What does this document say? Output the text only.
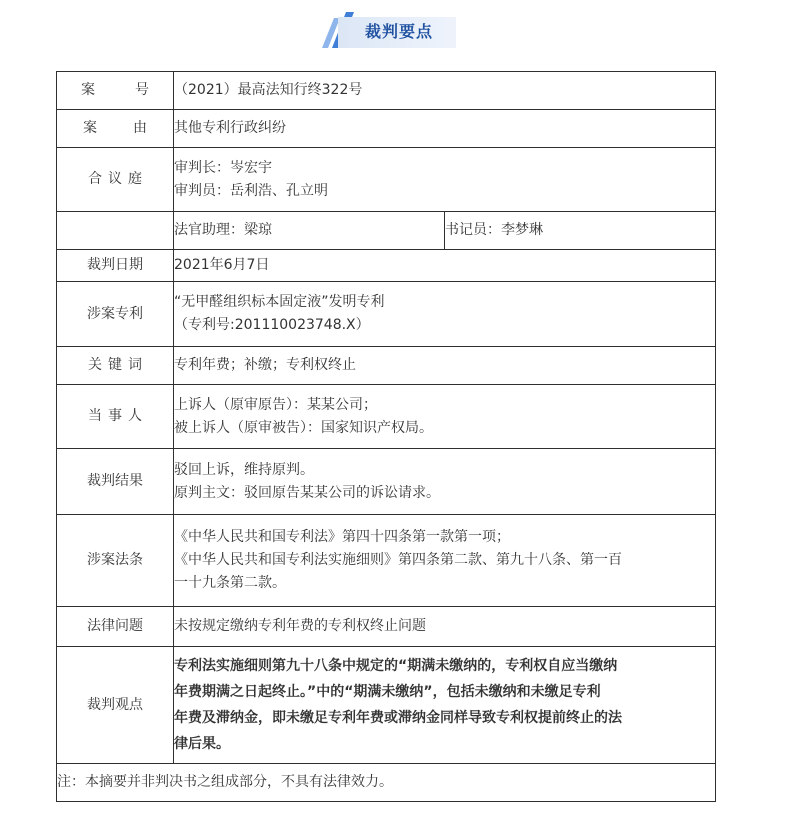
裁判要点
案号	（2021）最高法知行终322号	
案由	其他专利行政纠纷	
合议庭	审判长：岑宏宇
审判员：岳利浩、孔立明	

	法官助理：梁琼	书记员：李梦琳
裁判日期	2021年6月7日	
涉案专利	“无甲醛组织标本固定液”发明专利
（专利号:201110023748.X）	

关键词	专利年费；补缴；专利权终止	
当事人	上诉人（原审原告）：某某公司；
被上诉人（原审被告）：国家知识产权局。	

裁判结果	驳回上诉，维持原判。
原判主文：驳回原告某某公司的诉讼请求。	

涉案法条	《中华人民共和国专利法》第四十四条第一款第一项；
《中华人民共和国专利法实施细则》第四条第二款、第九十八条、第一百
一十九条第二款。	

法律问题	未按规定缴纳专利年费的专利权终止问题	
裁判观点	专利法实施细则第九十八条中规定的“期满未缴纳的，专利权自应当缴纳
年费期满之日起终止。”中的“期满未缴纳”，包括未缴纳和未缴足专利
年费及滞纳金，即未缴足专利年费或滞纳金同样导致专利权提前终止的法
律后果。	

注：本摘要并非判决书之组成部分，不具有法律效力。		
